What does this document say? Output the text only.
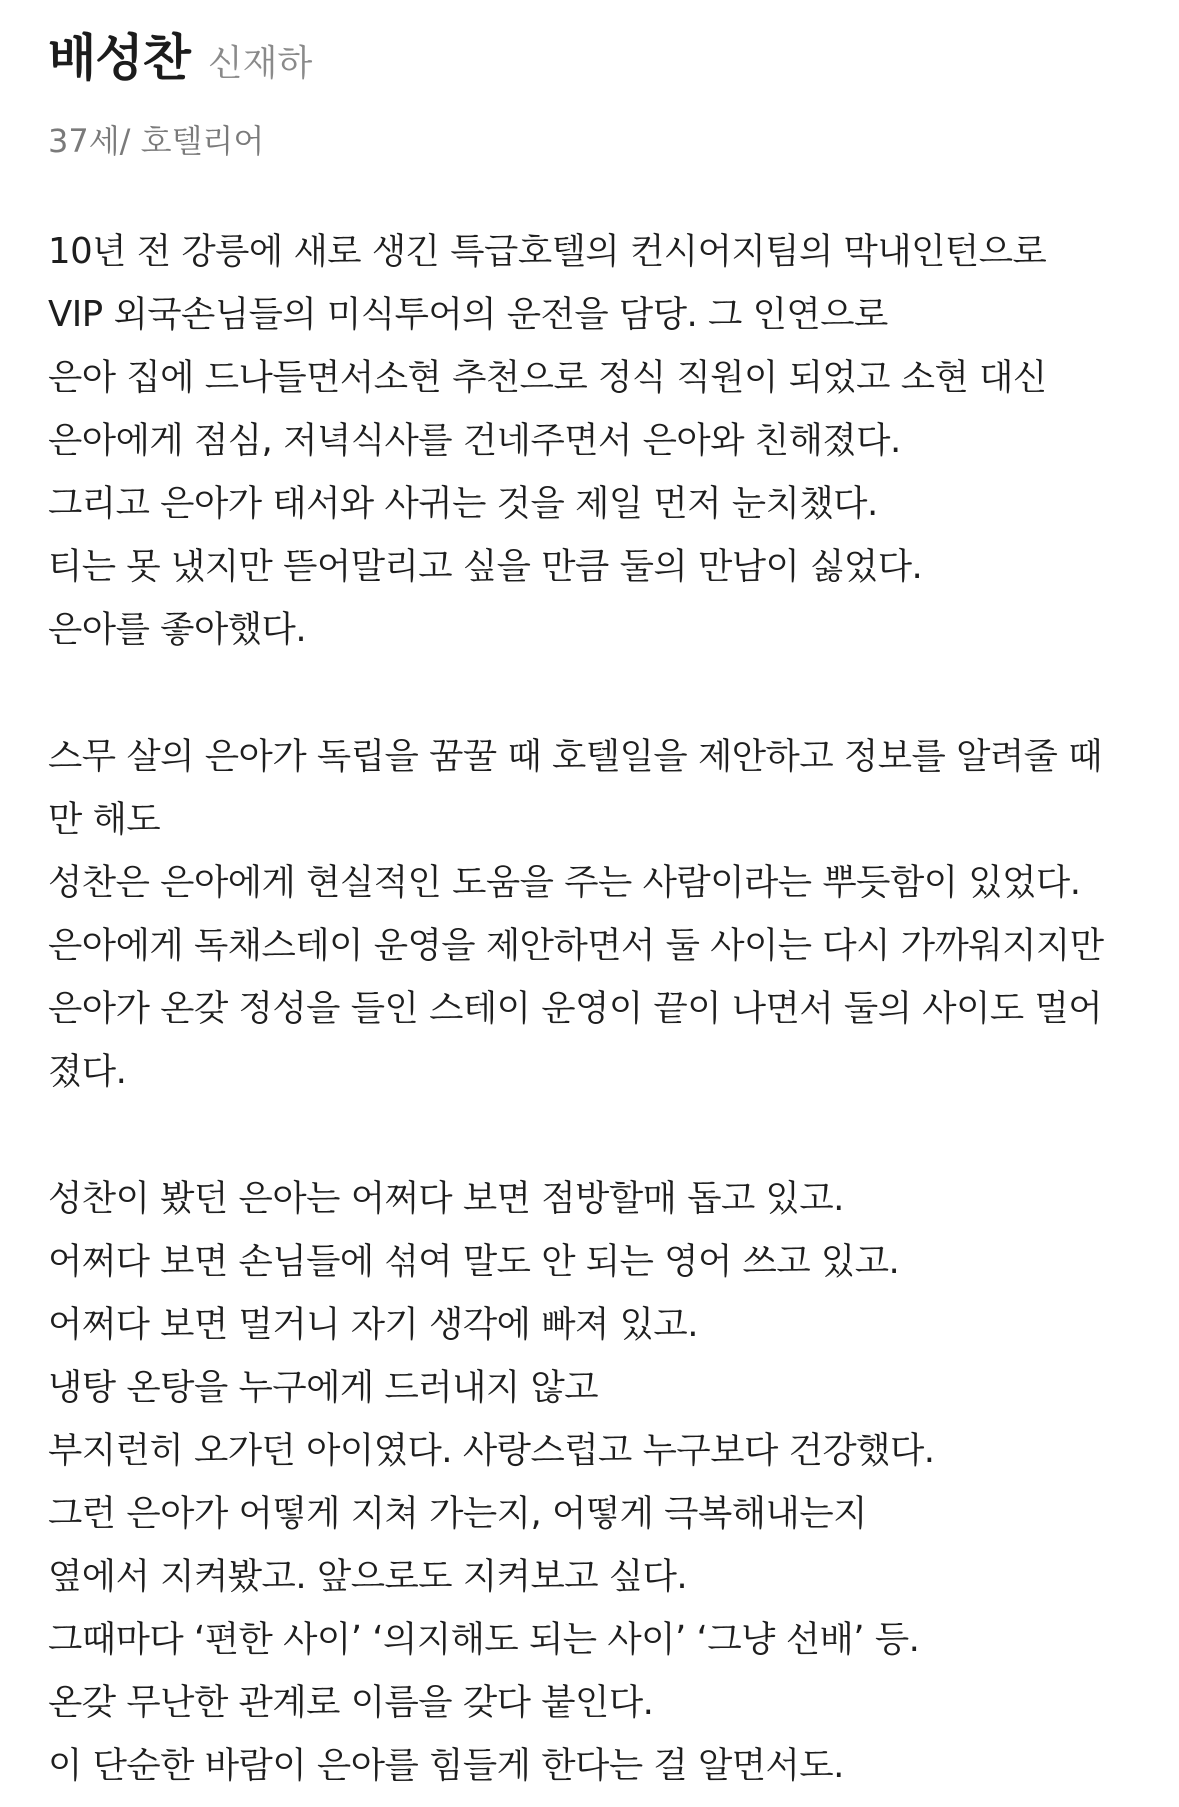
배성찬 신재하
37세/ 호텔리어
10년 전 강릉에 새로 생긴 특급호텔의 컨시어지팀의 막내인턴으로
VIP 외국손님들의 미식투어의 운전을 담당. 그 인연으로
은아 집에 드나들면서소현 추천으로 정식 직원이 되었고 소현 대신
은아에게 점심, 저녁식사를 건네주면서 은아와 친해졌다.
그리고 은아가 태서와 사귀는 것을 제일 먼저 눈치챘다.
티는 못 냈지만 뜯어말리고 싶을 만큼 둘의 만남이 싫었다.
은아를 좋아했다.
스무 살의 은아가 독립을 꿈꿀 때 호텔일을 제안하고 정보를 알려줄 때
만 해도
성찬은 은아에게 현실적인 도움을 주는 사람이라는 뿌듯함이 있었다.
은아에게 독채스테이 운영을 제안하면서 둘 사이는 다시 가까워지지만
은아가 온갖 정성을 들인 스테이 운영이 끝이 나면서 둘의 사이도 멀어
졌다.
성찬이 봤던 은아는 어쩌다 보면 점방할매 돕고 있고.
어쩌다 보면 손님들에 섞여 말도 안 되는 영어 쓰고 있고.
어쩌다 보면 멀거니 자기 생각에 빠져 있고.
냉탕 온탕을 누구에게 드러내지 않고
부지런히 오가던 아이였다. 사랑스럽고 누구보다 건강했다.
그런 은아가 어떻게 지쳐 가는지, 어떻게 극복해내는지
옆에서 지켜봤고. 앞으로도 지켜보고 싶다.
그때마다 ‘편한 사이’ ‘의지해도 되는 사이’ ‘그냥 선배’ 등.
온갖 무난한 관계로 이름을 갖다 붙인다.
이 단순한 바람이 은아를 힘들게 한다는 걸 알면서도.
